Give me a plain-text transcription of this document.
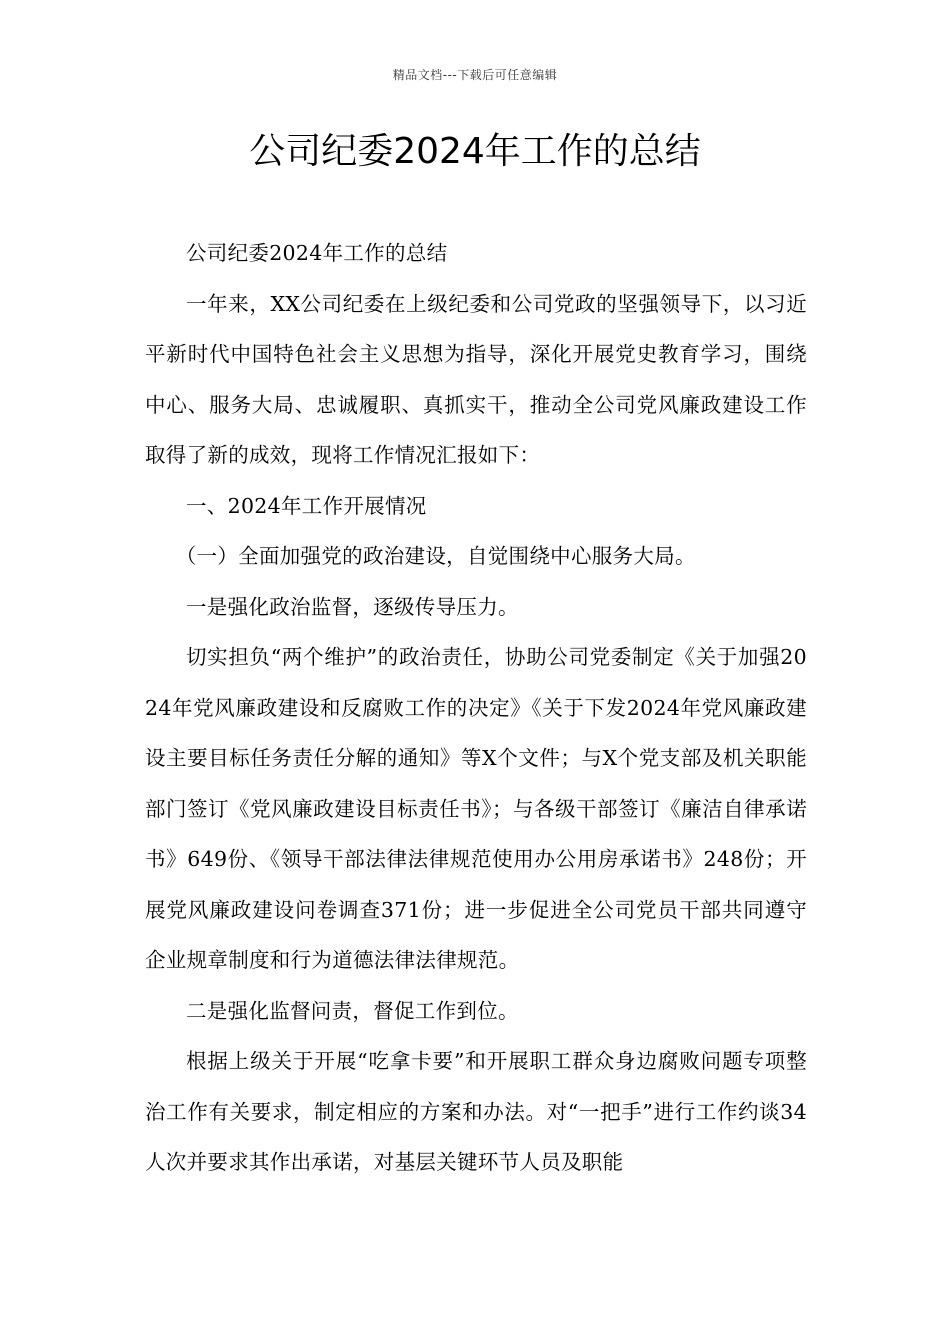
精品文档---下载后可任意编辑
公司纪委2024年工作的总结

公司纪委2024年工作的总结

一年来，XX公司纪委在上级纪委和公司党政的坚强领导下，以习近平新时代中国特色社会主义思想为指导，深化开展党史教育学习，围绕中心、服务大局、忠诚履职、真抓实干，推动全公司党风廉政建设工作取得了新的成效，现将工作情况汇报如下：

一、2024年工作开展情况

（一）全面加强党的政治建设，自觉围绕中心服务大局。

一是强化政治监督，逐级传导压力。

切实担负“两个维护”的政治责任，协助公司党委制定《关于加强2024年党风廉政建设和反腐败工作的决定》《关于下发2024年党风廉政建设主要目标任务责任分解的通知》等X个文件；与X个党支部及机关职能部门签订《党风廉政建设目标责任书》；与各级干部签订《廉洁自律承诺书》649份、《领导干部法律法律规范使用办公用房承诺书》248份；开展党风廉政建设问卷调查371份；进一步促进全公司党员干部共同遵守企业规章制度和行为道德法律法律规范。

二是强化监督问责，督促工作到位。

根据上级关于开展“吃拿卡要”和开展职工群众身边腐败问题专项整治工作有关要求，制定相应的方案和办法。对“一把手”进行工作约谈34人次并要求其作出承诺，对基层关键环节人员及职能
